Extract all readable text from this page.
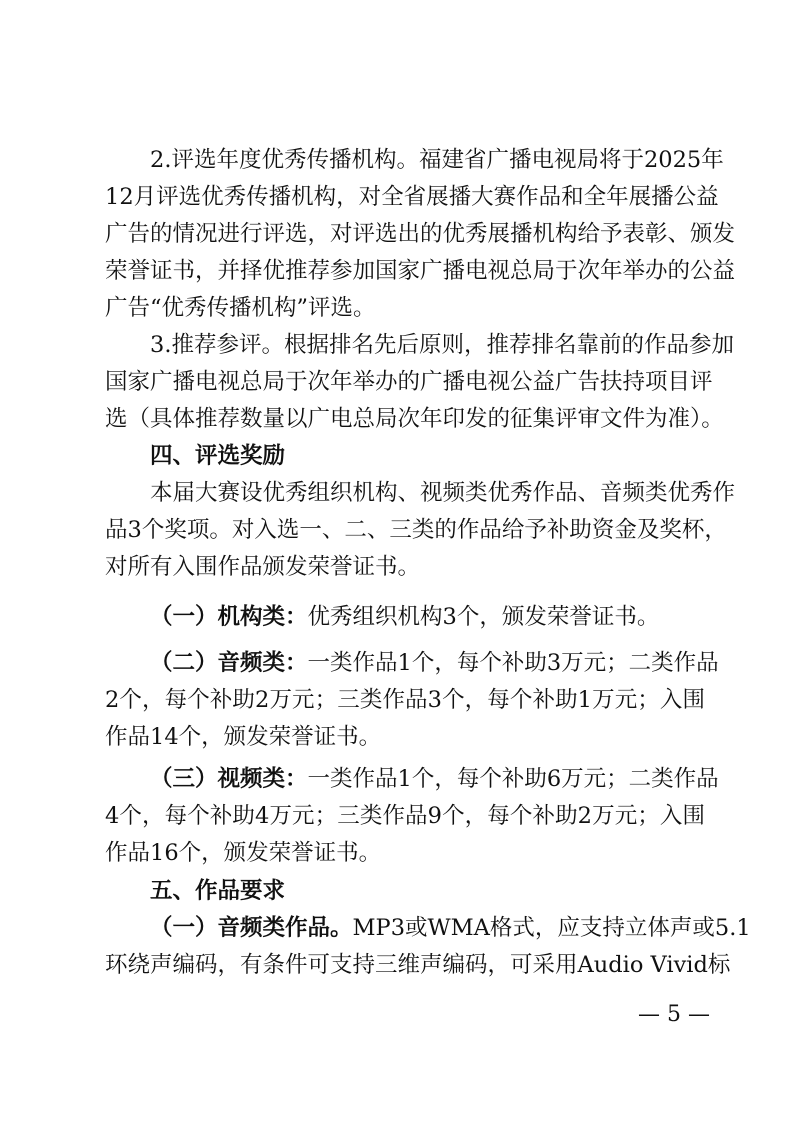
2.评选年度优秀传播机构。福建省广播电视局将于2025年
12月评选优秀传播机构，对全省展播大赛作品和全年展播公益
广告的情况进行评选，对评选出的优秀展播机构给予表彰、颁发
荣誉证书，并择优推荐参加国家广播电视总局于次年举办的公益
广告“优秀传播机构”评选。
3.推荐参评。根据排名先后原则，推荐排名靠前的作品参加
国家广播电视总局于次年举办的广播电视公益广告扶持项目评
选（具体推荐数量以广电总局次年印发的征集评审文件为准）。
四、评选奖励
本届大赛设优秀组织机构、视频类优秀作品、音频类优秀作
品3个奖项。对入选一、二、三类的作品给予补助资金及奖杯，
对所有入围作品颁发荣誉证书。
（一）机构类：优秀组织机构3个，颁发荣誉证书。
（二）音频类：一类作品1个，每个补助3万元；二类作品
2个，每个补助2万元；三类作品3个，每个补助1万元；入围
作品14个，颁发荣誉证书。
（三）视频类：一类作品1个，每个补助6万元；二类作品
4个，每个补助4万元；三类作品9个，每个补助2万元；入围
作品16个，颁发荣誉证书。
五、作品要求
（一）音频类作品。MP3或WMA格式，应支持立体声或5.1
环绕声编码，有条件可支持三维声编码，可采用Audio Vivid标
— 5 —
